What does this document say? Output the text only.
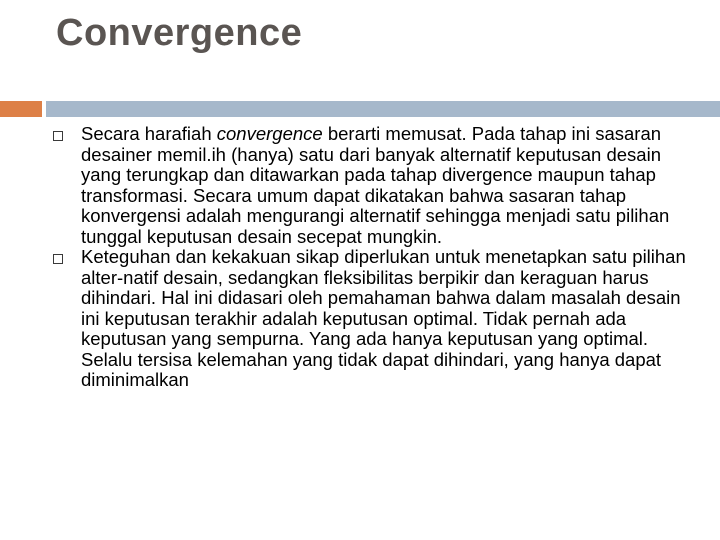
Convergence
Secara harafiah convergence berarti memusat. Pada tahap ini sasaran desainer memil.ih (hanya) satu dari banyak alternatif keputusan desain yang terungkap dan ditawarkan pada tahap divergence maupun tahap transformasi. Secara umum dapat dikatakan bahwa sasaran tahap konvergensi adalah mengurangi alternatif sehingga menjadi satu pilihan tunggal keputusan desain secepat mungkin.
Keteguhan dan kekakuan sikap diperlukan untuk menetapkan satu pilihan alter-natif desain, sedangkan fleksibilitas berpikir dan keraguan harus dihindari. Hal ini didasari oleh pemahaman bahwa dalam masalah desain ini keputusan terakhir adalah keputusan optimal. Tidak pernah ada keputusan yang sempurna. Yang ada hanya keputusan yang optimal. Selalu tersisa kelemahan yang tidak dapat dihindari, yang hanya dapat diminimalkan
